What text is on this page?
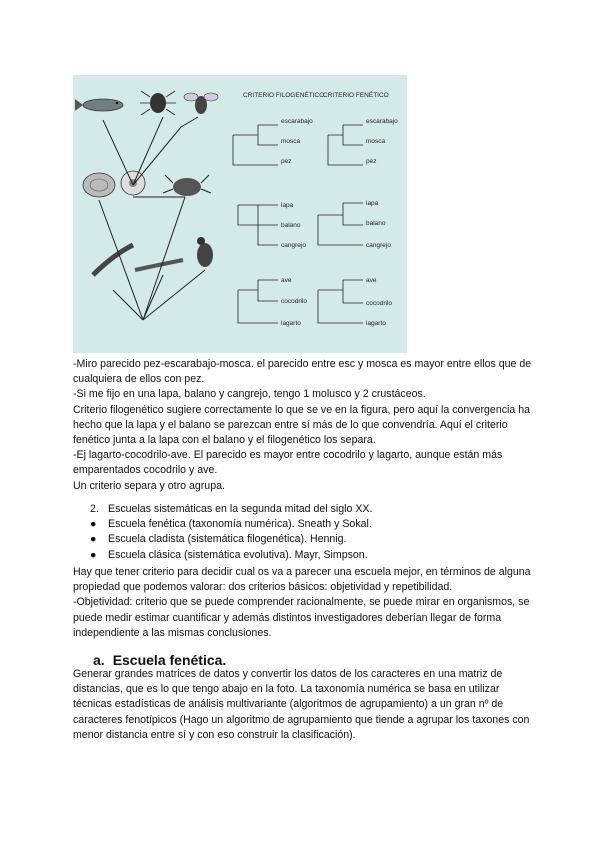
CRITERIO FILOGENÉTICO
CRITERIO FENÉTICO
escarabajo
mosca
pez
escarabajo
mosca
pez
lapa
balano
cangrejo
lapa
balano
cangrejo
ave
cocodrilo
lagarto
ave
cocodrilo
lagarto

-Miro parecido pez-escarabajo-mosca. el parecido entre esc y mosca es mayor entre ellos que de cualquiera de ellos con pez.

-Si me fijo en una lapa, balano y cangrejo, tengo 1 molusco y 2 crustáceos.

Criterio filogenético sugiere correctamente lo que se ve en la figura, pero aquí la convergencia ha hecho que la lapa y el balano se parezcan entre sí más de lo que convendría. Aquí el criterio fenético junta a la lapa con el balano y el filogenético los separa.

-Ej lagarto-cocodrilo-ave. El parecido es mayor entre cocodrilo y lagarto, aunque están más emparentados cocodrilo y ave.

Un criterio separa y otro agrupa.

2. Escuelas sistemáticas en la segunda mitad del siglo XX.
● Escuela fenética (taxonomía numérica). Sneath y Sokal.
● Escuela cladista (sistemática filogenética). Hennig.
● Escuela clásica (sistemática evolutiva). Mayr, Simpson.

Hay que tener criterio para decidir cual os va a parecer una escuela mejor, en términos de alguna propiedad que podemos valorar: dos criterios básicos: objetividad y repetibilidad.

-Objetividad: criterio que se puede comprender racionalmente, se puede mirar en organismos, se puede medir estimar cuantificar y además distintos investigadores deberían llegar de forma independiente a las mismas conclusiones.

a. Escuela fenética.

Generar grandes matrices de datos y convertir los datos de los caracteres en una matriz de distancias, que es lo que tengo abajo en la foto. La taxonomía numérica se basa en utilizar técnicas estadísticas de análisis multivariante (algoritmos de agrupamiento) a un gran nº de caracteres fenotípicos (Hago un algoritmo de agrupamiento que tiende a agrupar los taxones con menor distancia entre sí y con eso construir la clasificación).
